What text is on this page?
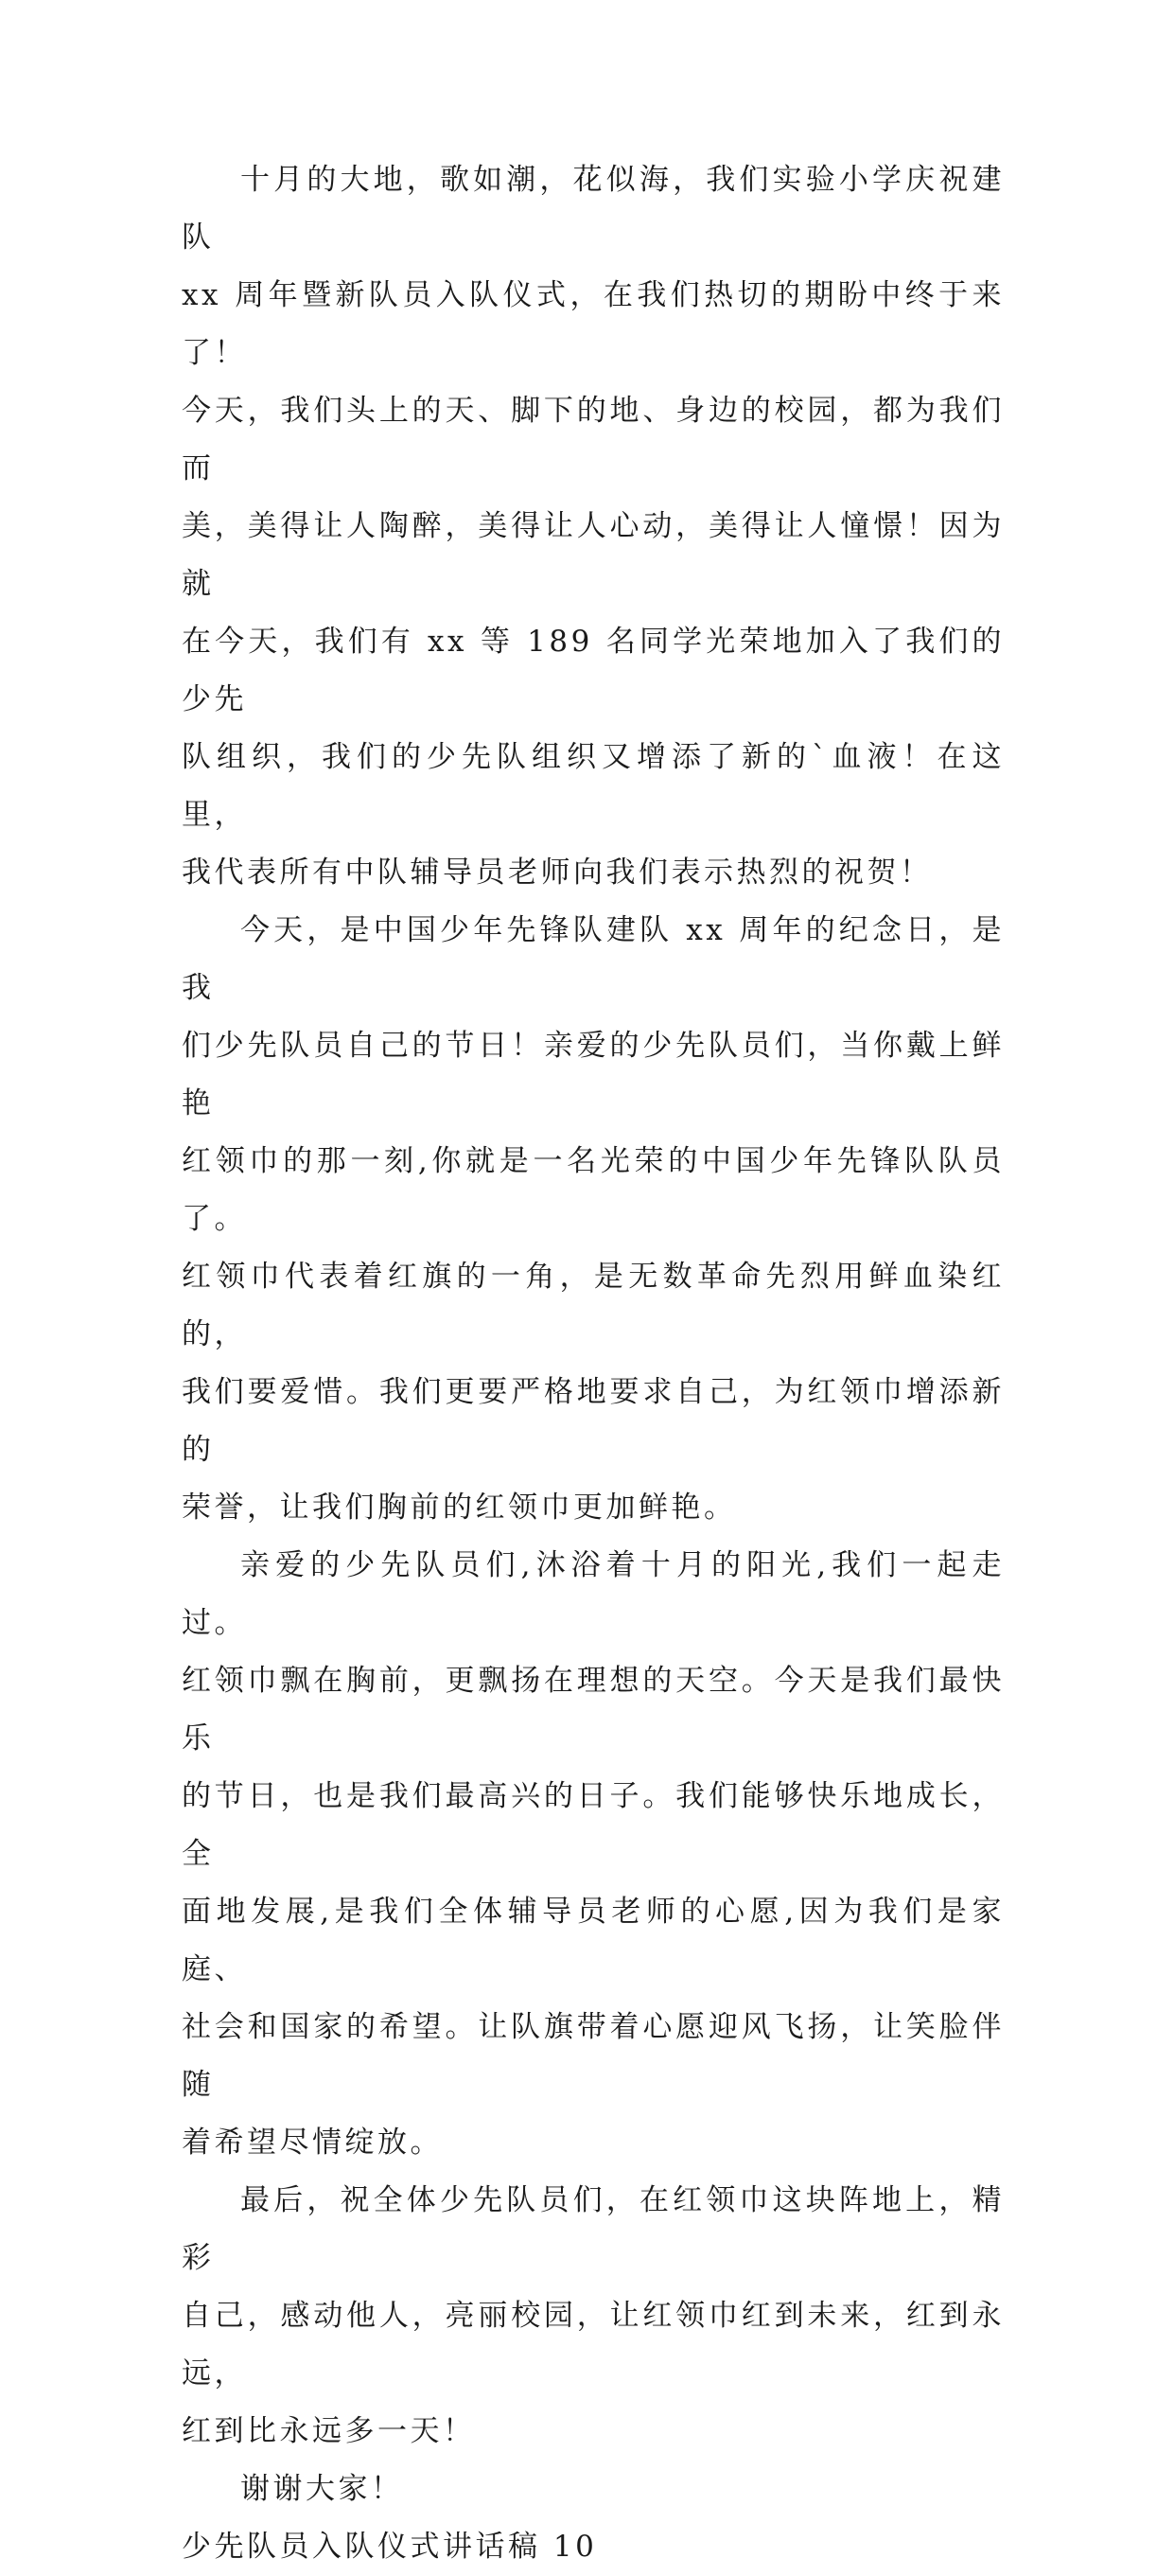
十月的大地，歌如潮，花似海，我们实验小学庆祝建队
xx 周年暨新队员入队仪式，在我们热切的期盼中终于来了！
今天，我们头上的天、脚下的地、身边的校园，都为我们而
美，美得让人陶醉，美得让人心动，美得让人憧憬！因为就
在今天，我们有 xx 等 189 名同学光荣地加入了我们的少先
队组织，我们的少先队组织又增添了新的`血液！在这里，
我代表所有中队辅导员老师向我们表示热烈的祝贺！
今天，是中国少年先锋队建队 xx 周年的纪念日，是我
们少先队员自己的节日！亲爱的少先队员们，当你戴上鲜艳
红领巾的那一刻,你就是一名光荣的中国少年先锋队队员了。
红领巾代表着红旗的一角，是无数革命先烈用鲜血染红的，
我们要爱惜。我们更要严格地要求自己，为红领巾增添新的
荣誉，让我们胸前的红领巾更加鲜艳。
亲爱的少先队员们,沐浴着十月的阳光,我们一起走过。
红领巾飘在胸前，更飘扬在理想的天空。今天是我们最快乐
的节日，也是我们最高兴的日子。我们能够快乐地成长，全
面地发展,是我们全体辅导员老师的心愿,因为我们是家庭、
社会和国家的希望。让队旗带着心愿迎风飞扬，让笑脸伴随
着希望尽情绽放。
最后，祝全体少先队员们，在红领巾这块阵地上，精彩
自己，感动他人，亮丽校园，让红领巾红到未来，红到永远，
红到比永远多一天！
谢谢大家！
少先队员入队仪式讲话稿 10
